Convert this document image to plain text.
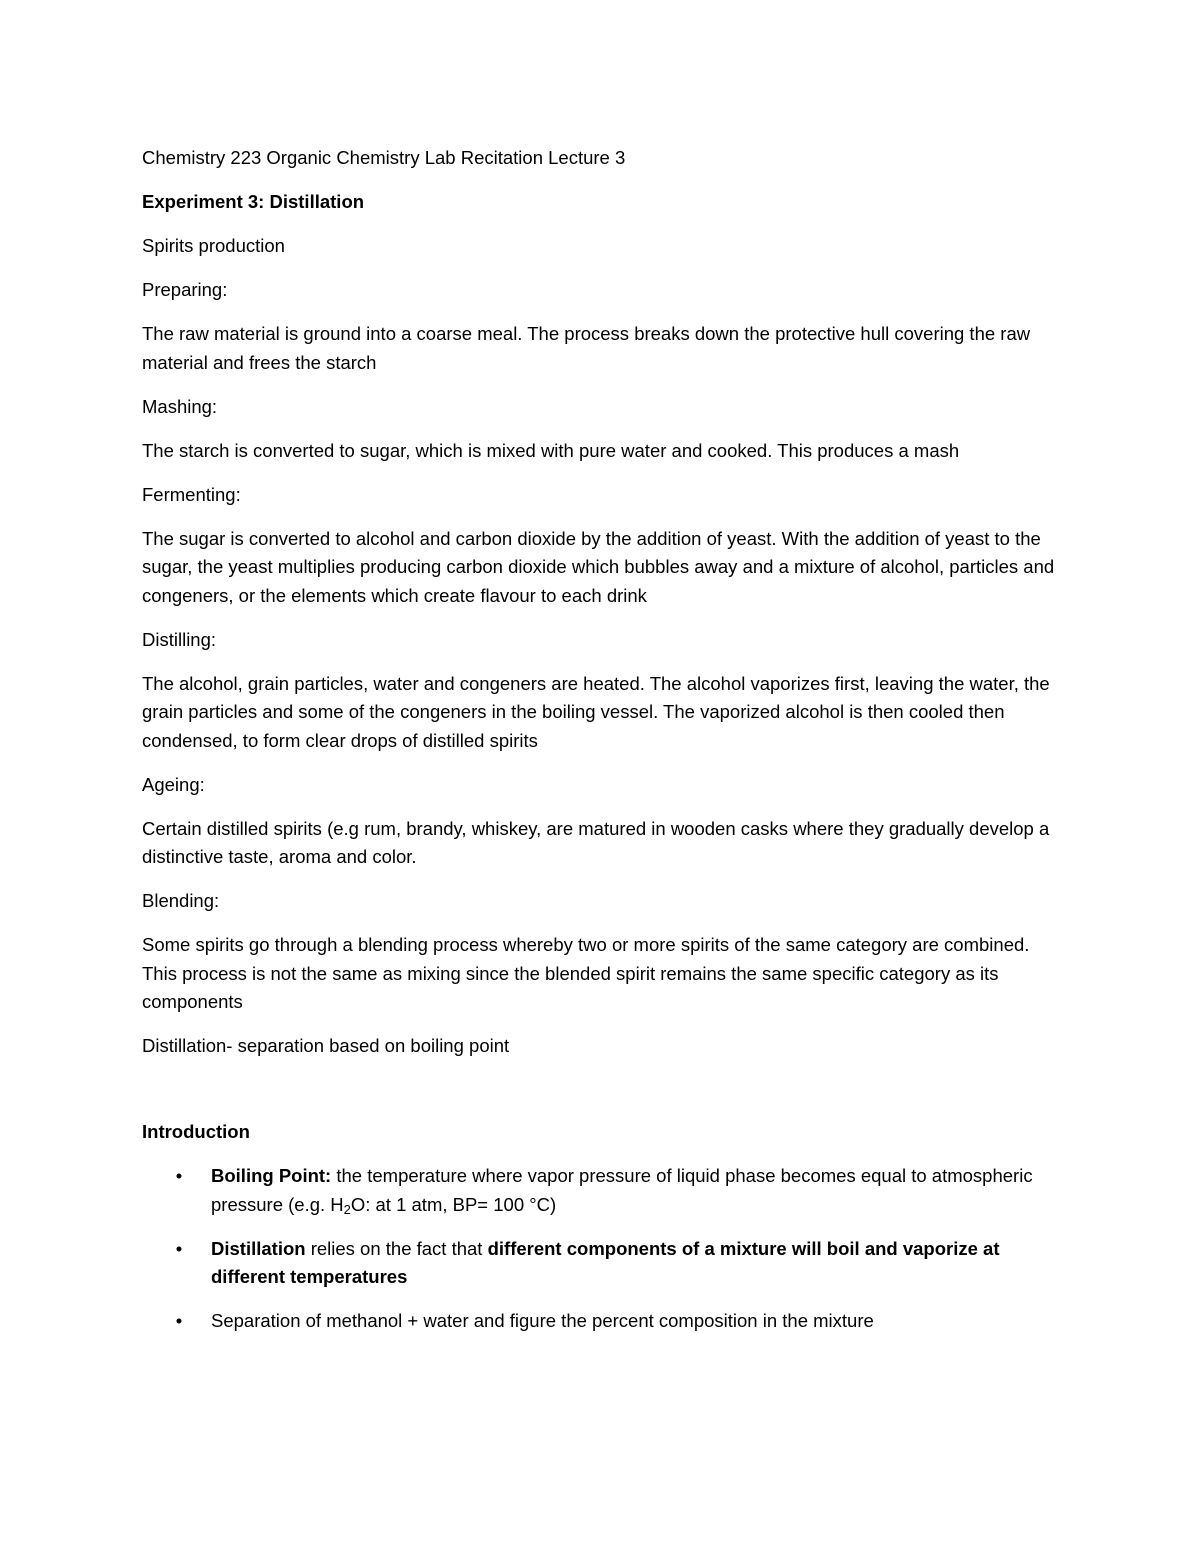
Chemistry 223 Organic Chemistry Lab Recitation Lecture 3

Experiment 3: Distillation

Spirits production

Preparing:

The raw material is ground into a coarse meal. The process breaks down the protective hull covering the raw material and frees the starch

Mashing:

The starch is converted to sugar, which is mixed with pure water and cooked. This produces a mash

Fermenting:

The sugar is converted to alcohol and carbon dioxide by the addition of yeast. With the addition of yeast to the sugar, the yeast multiplies producing carbon dioxide which bubbles away and a mixture of alcohol, particles and congeners, or the elements which create flavour to each drink

Distilling:

The alcohol, grain particles, water and congeners are heated. The alcohol vaporizes first, leaving the water, the grain particles and some of the congeners in the boiling vessel. The vaporized alcohol is then cooled then condensed, to form clear drops of distilled spirits

Ageing:

Certain distilled spirits (e.g rum, brandy, whiskey, are matured in wooden casks where they gradually develop a distinctive taste, aroma and color.

Blending:

Some spirits go through a blending process whereby two or more spirits of the same category are combined. This process is not the same as mixing since the blended spirit remains the same specific category as its components

Distillation- separation based on boiling point

Introduction

• Boiling Point: the temperature where vapor pressure of liquid phase becomes equal to atmospheric pressure (e.g. $H_2O$: at 1 atm, BP= 100 °C)
• Distillation relies on the fact that different components of a mixture will boil and vaporize at different temperatures
• Separation of methanol + water and figure the percent composition in the mixture
